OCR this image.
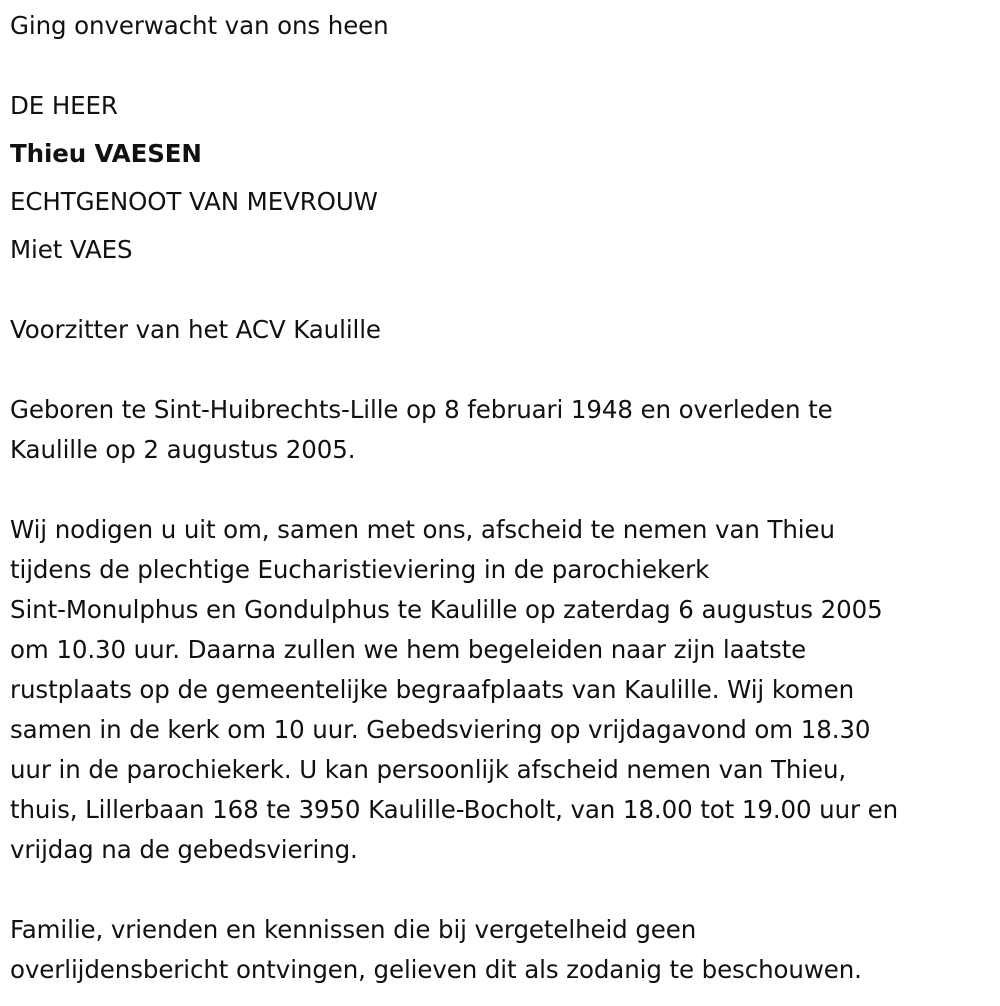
Ging onverwacht van ons heen
DE HEER
Thieu VAESEN
ECHTGENOOT VAN MEVROUW
Miet VAES
Voorzitter van het ACV Kaulille
Geboren te Sint-Huibrechts-Lille op 8 februari 1948 en overleden te
Kaulille op 2 augustus 2005.
Wij nodigen u uit om, samen met ons, afscheid te nemen van Thieu
tijdens de plechtige Eucharistieviering in de parochiekerk
Sint-Monulphus en Gondulphus te Kaulille op zaterdag 6 augustus 2005
om 10.30 uur. Daarna zullen we hem begeleiden naar zijn laatste
rustplaats op de gemeentelijke begraafplaats van Kaulille. Wij komen
samen in de kerk om 10 uur. Gebedsviering op vrijdagavond om 18.30
uur in de parochiekerk. U kan persoonlijk afscheid nemen van Thieu,
thuis, Lillerbaan 168 te 3950 Kaulille-Bocholt, van 18.00 tot 19.00 uur en
vrijdag na de gebedsviering.
Familie, vrienden en kennissen die bij vergetelheid geen
overlijdensbericht ontvingen, gelieven dit als zodanig te beschouwen.
